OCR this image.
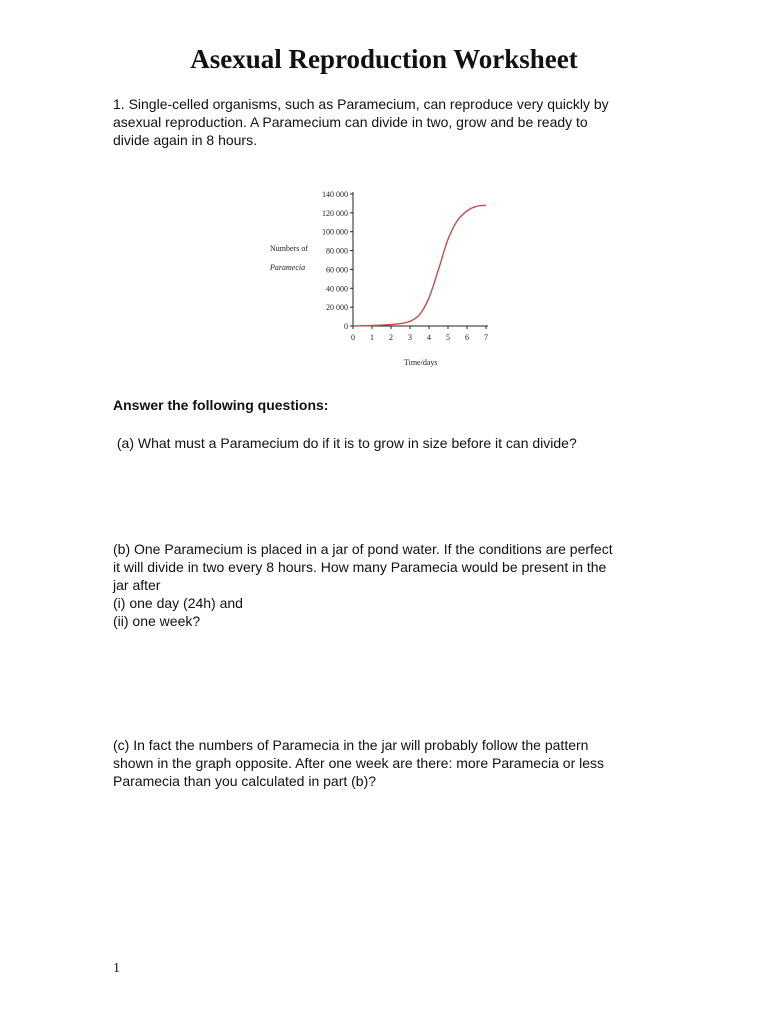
Asexual Reproduction Worksheet
1. Single-celled organisms, such as Paramecium, can reproduce very quickly by
asexual reproduction. A Paramecium can divide in two, grow and be ready to
divide again in 8 hours.
0
20 000
40 000
60 000
80 000
100 000
120 000
140 000
0 1 2 3 4 5 6 7
Numbers of
Paramecia
Time/days

Answer the following questions:

(a) What must a Paramecium do if it is to grow in size before it can divide?
(b) One Paramecium is placed in a jar of pond water. If the conditions are perfect
it will divide in two every 8 hours. How many Paramecia would be present in the
jar after
(i) one day (24h) and
(ii) one week?
(c) In fact the numbers of Paramecia in the jar will probably follow the pattern
shown in the graph opposite. After one week are there: more Paramecia or less
Paramecia than you calculated in part (b)?

1
